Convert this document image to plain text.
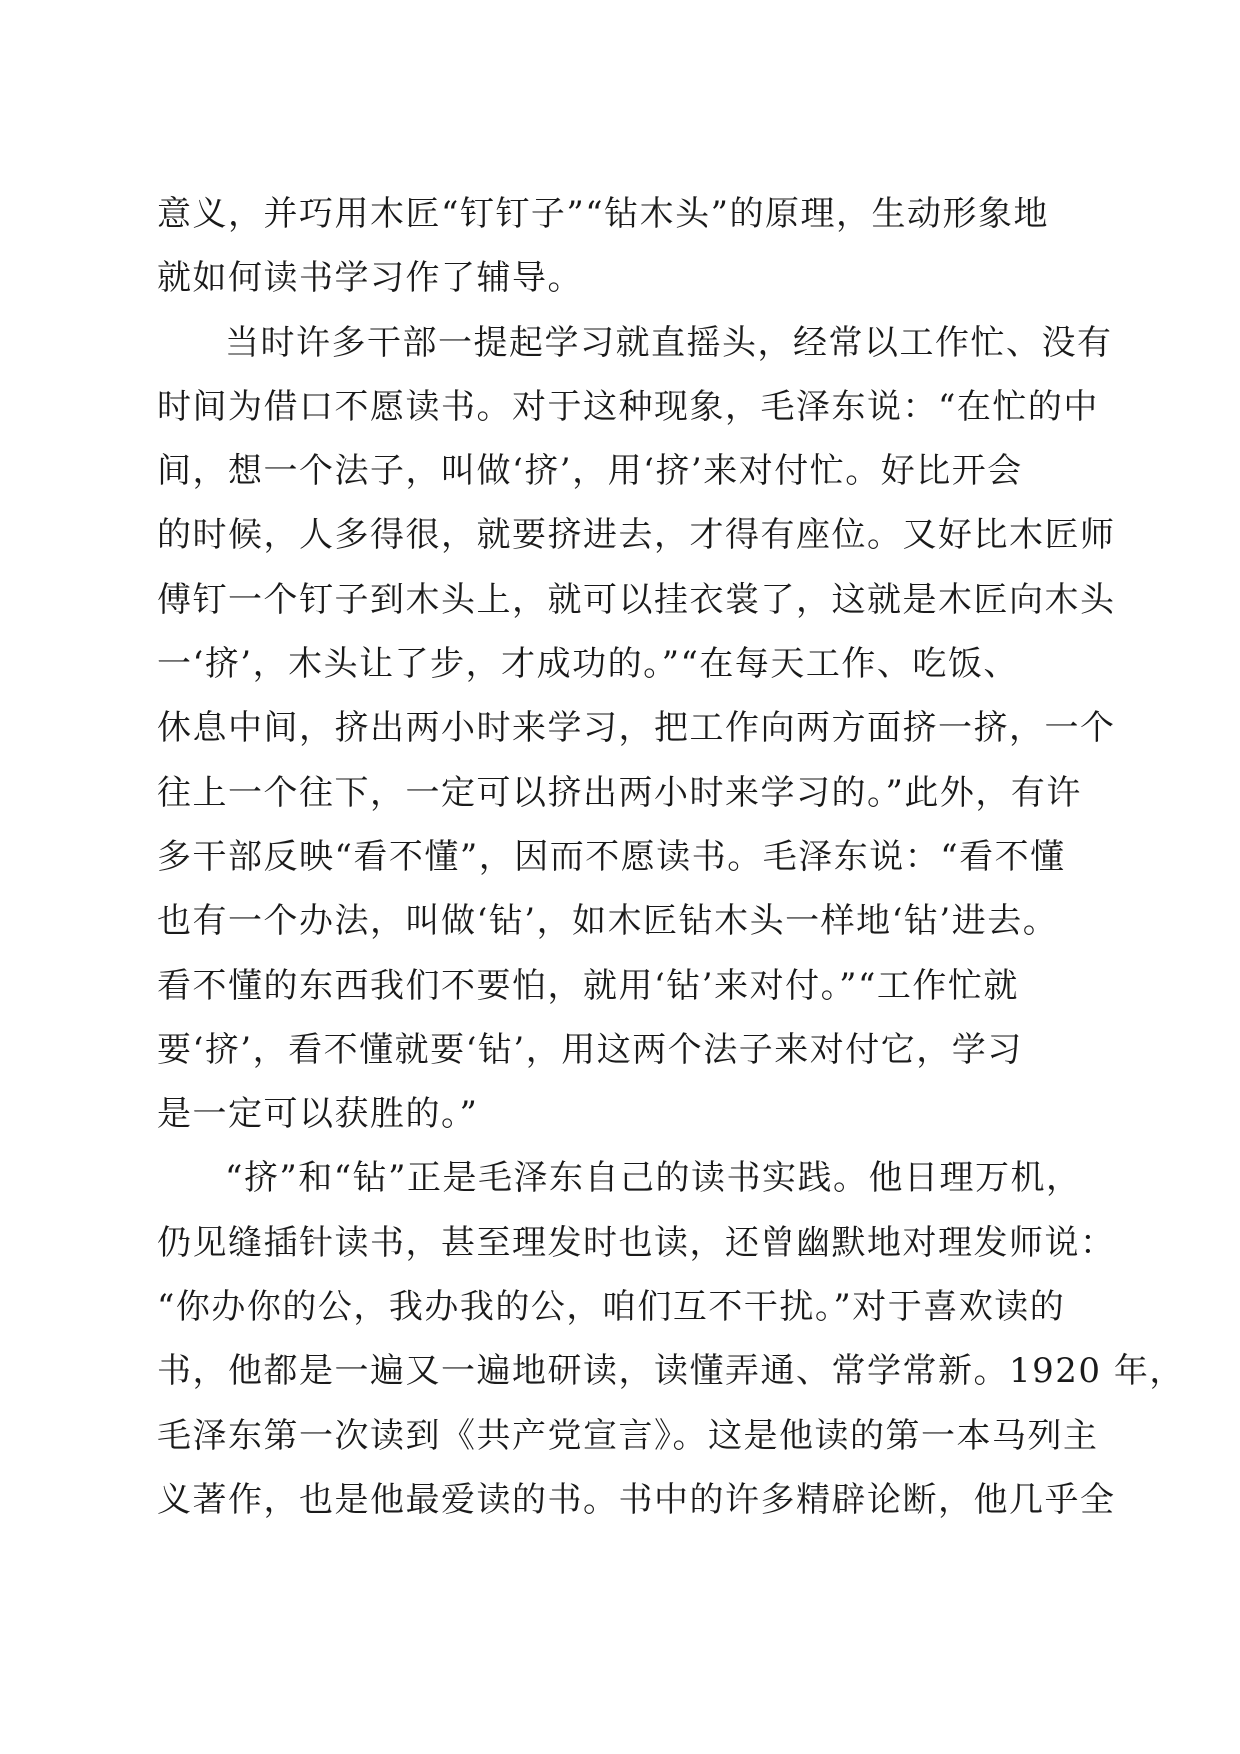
意义，并巧用木匠“钉钉子”“钻木头”的原理，生动形象地
就如何读书学习作了辅导。
当时许多干部一提起学习就直摇头，经常以工作忙、没有
时间为借口不愿读书。对于这种现象，毛泽东说：“在忙的中
间，想一个法子，叫做‘挤’，用‘挤’来对付忙。好比开会
的时候，人多得很，就要挤进去，才得有座位。又好比木匠师
傅钉一个钉子到木头上，就可以挂衣裳了，这就是木匠向木头
一‘挤’，木头让了步，才成功的。”“在每天工作、吃饭、
休息中间，挤出两小时来学习，把工作向两方面挤一挤，一个
往上一个往下，一定可以挤出两小时来学习的。”此外，有许
多干部反映“看不懂”，因而不愿读书。毛泽东说：“看不懂
也有一个办法，叫做‘钻’，如木匠钻木头一样地‘钻’进去。
看不懂的东西我们不要怕，就用‘钻’来对付。”“工作忙就
要‘挤’，看不懂就要‘钻’，用这两个法子来对付它，学习
是一定可以获胜的。”
“挤”和“钻”正是毛泽东自己的读书实践。他日理万机，
仍见缝插针读书，甚至理发时也读，还曾幽默地对理发师说：
“你办你的公，我办我的公，咱们互不干扰。”对于喜欢读的
书，他都是一遍又一遍地研读，读懂弄通、常学常新。1920 年，
毛泽东第一次读到《共产党宣言》。这是他读的第一本马列主
义著作，也是他最爱读的书。书中的许多精辟论断，他几乎全
